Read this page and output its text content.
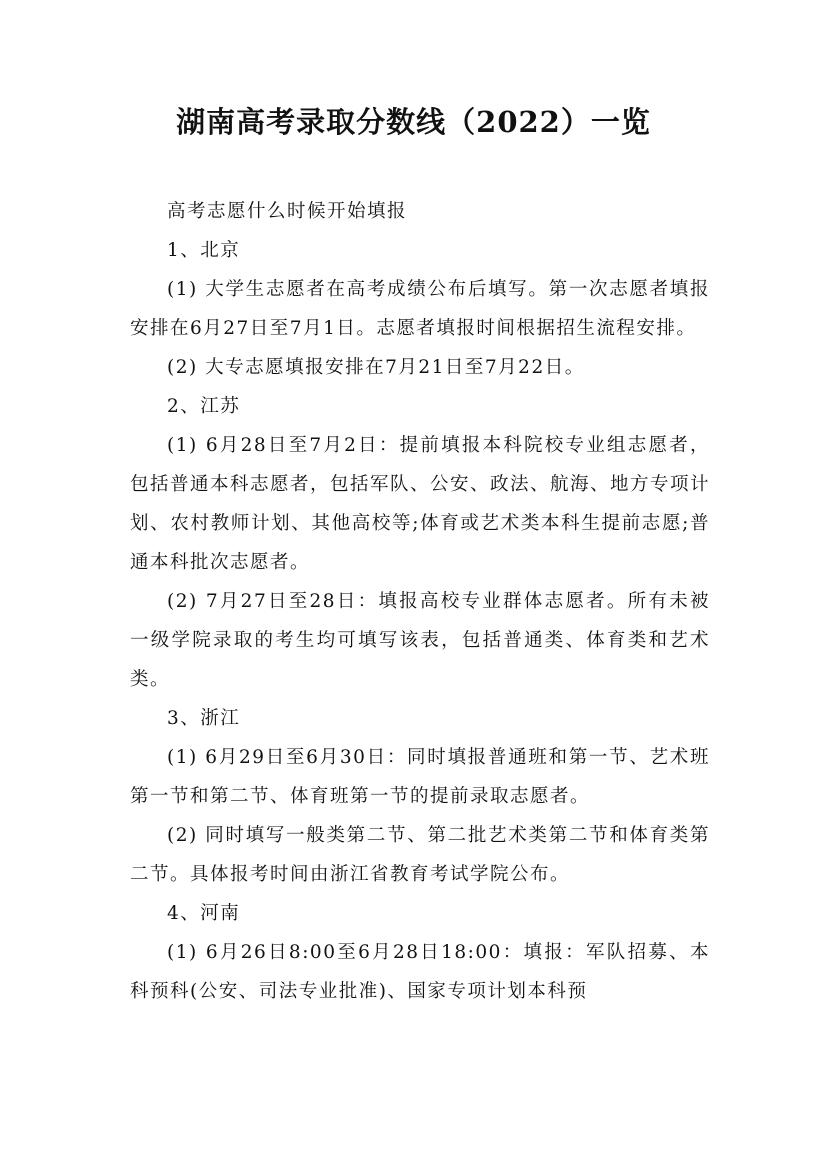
湖南高考录取分数线（2022）一览

高考志愿什么时候开始填报

1、北京

(1) 大学生志愿者在高考成绩公布后填写。第一次志愿者填报安排在6月27日至7月1日。志愿者填报时间根据招生流程安排。

(2) 大专志愿填报安排在7月21日至7月22日。

2、江苏

(1) 6月28日至7月2日：提前填报本科院校专业组志愿者，包括普通本科志愿者，包括军队、公安、政法、航海、地方专项计划、农村教师计划、其他高校等;体育或艺术类本科生提前志愿;普通本科批次志愿者。

(2) 7月27日至28日：填报高校专业群体志愿者。所有未被一级学院录取的考生均可填写该表，包括普通类、体育类和艺术类。

3、浙江

(1) 6月29日至6月30日：同时填报普通班和第一节、艺术班第一节和第二节、体育班第一节的提前录取志愿者。

(2) 同时填写一般类第二节、第二批艺术类第二节和体育类第二节。具体报考时间由浙江省教育考试学院公布。

4、河南

(1) 6月26日8:00至6月28日18:00：填报：军队招募、本科预科(公安、司法专业批准)、国家专项计划本科预
